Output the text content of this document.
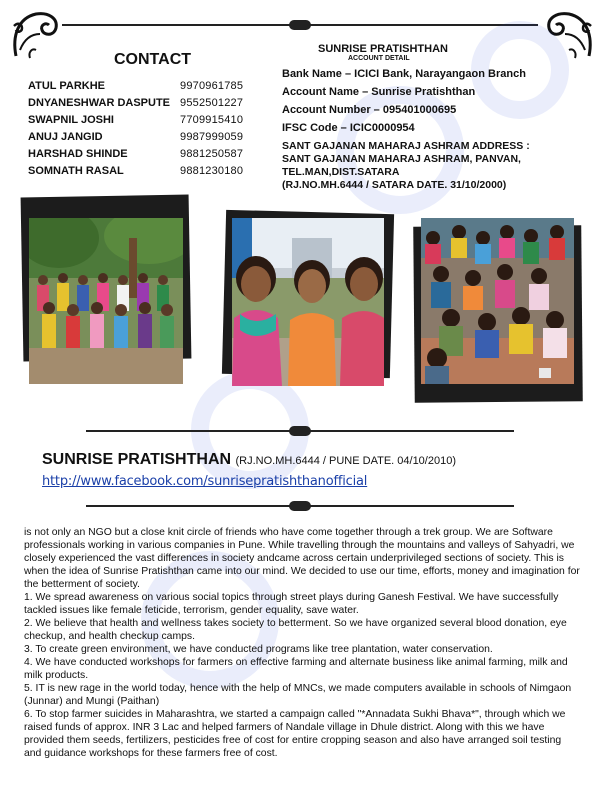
CONTACT
ATUL PARKHE	9970961785
DNYANESHWAR DASPUTE 9552501227
SWAPNIL JOSHI	7709915410
ANUJ JANGID	9987999059
HARSHAD SHINDE	9881250587
SOMNATH RASAL	9881230180
SUNRISE PRATISHTHAN
ACCOUNT DETAIL
Bank Name – ICICI Bank, Narayangaon Branch
Account Name – Sunrise Pratishthan
Account Number – 095401000695
IFSC Code – ICIC0000954
SANT GAJANAN MAHARAJ ASHRAM ADDRESS :
SANT GAJANAN MAHARAJ ASHRAM, PANVAN,
TEL.MAN,DIST.SATARA
(RJ.NO.MH.6444 / SATARA DATE. 31/10/2000)
SUNRISE PRATISHTHAN (RJ.NO.MH.6444 / PUNE DATE. 04/10/2010)
http://www.facebook.com/sunrisepratishthanofficial

is not only an NGO but a close knit circle of friends who have come together through a trek group. We are Software professionals working in various companies in Pune. While travelling through the mountains and valleys of Sahyadri, we closely experienced the vast differences in society andcame across certain underprivileged sections of society. This is when the idea of Sunrise Pratishthan came into our mind. We decided to use our time, efforts, money and imagination for the betterment of society.

1. We spread awareness on various social topics through street plays during Ganesh Festival. We have successfully tackled issues like female feticide, terrorism, gender equality, save water.

2. We believe that health and wellness takes society to betterment. So we have organized several blood donation, eye checkup, and health checkup camps.

3. To create green environment, we have conducted programs like tree plantation, water conservation.

4. We have conducted workshops for farmers on effective farming and alternate business like animal farming, milk and milk products.

5. IT is new rage in the world today, hence with the help of MNCs, we made computers available in schools of Nimgaon (Junnar) and Mungi (Paithan)

6. To stop farmer suicides in Maharashtra, we started a campaign called "*Annadata Sukhi Bhava*", through which we raised funds of approx. INR 3 Lac and helped farmers of Nandale village in Dhule district. Along with this we have provided them seeds, fertilizers, pesticides free of cost for entire cropping season and also have arranged soil testing and guidance workshops for these farmers free of cost.
